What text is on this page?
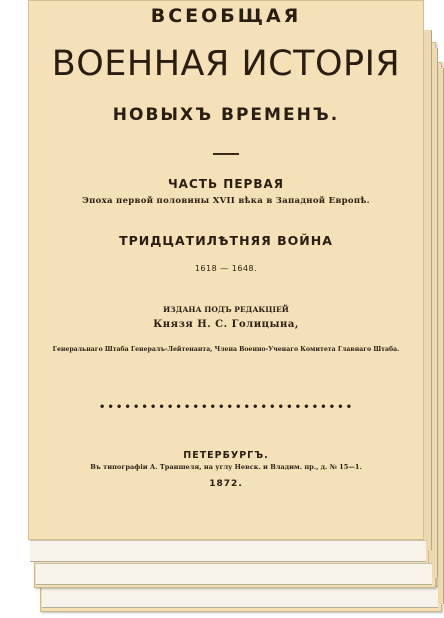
ВСЕОБЩАЯ
ВОЕННАЯ ИСТОРІЯ
НОВЫХЪ ВРЕМЕНЪ.
ЧАСТЬ ПЕРВАЯ
Эпоха первой половины XVII вѣка в Западной Европѣ.
ТРИДЦАТИЛѢТНЯЯ ВОЙНА
1618 — 1648.
ИЗДАНА ПОДЪ РЕДАКЦІЕЙ
Князя Н. С. Голицына,
Генеральнаго Штаба Генералъ-Лейтенанта, Члена Военно-Ученаго Комитета Главнаго Штаба.
∙∙∙∙∙∙∙∙∙∙∙∙∙∙∙∙∙∙∙∙∙∙∙∙∙∙∙∙∙∙
ПЕТЕРБУРГЪ.
Въ типографіи А. Траншеля, на углу Невск. и Владим. пр., д. № 15—1.
1872.
